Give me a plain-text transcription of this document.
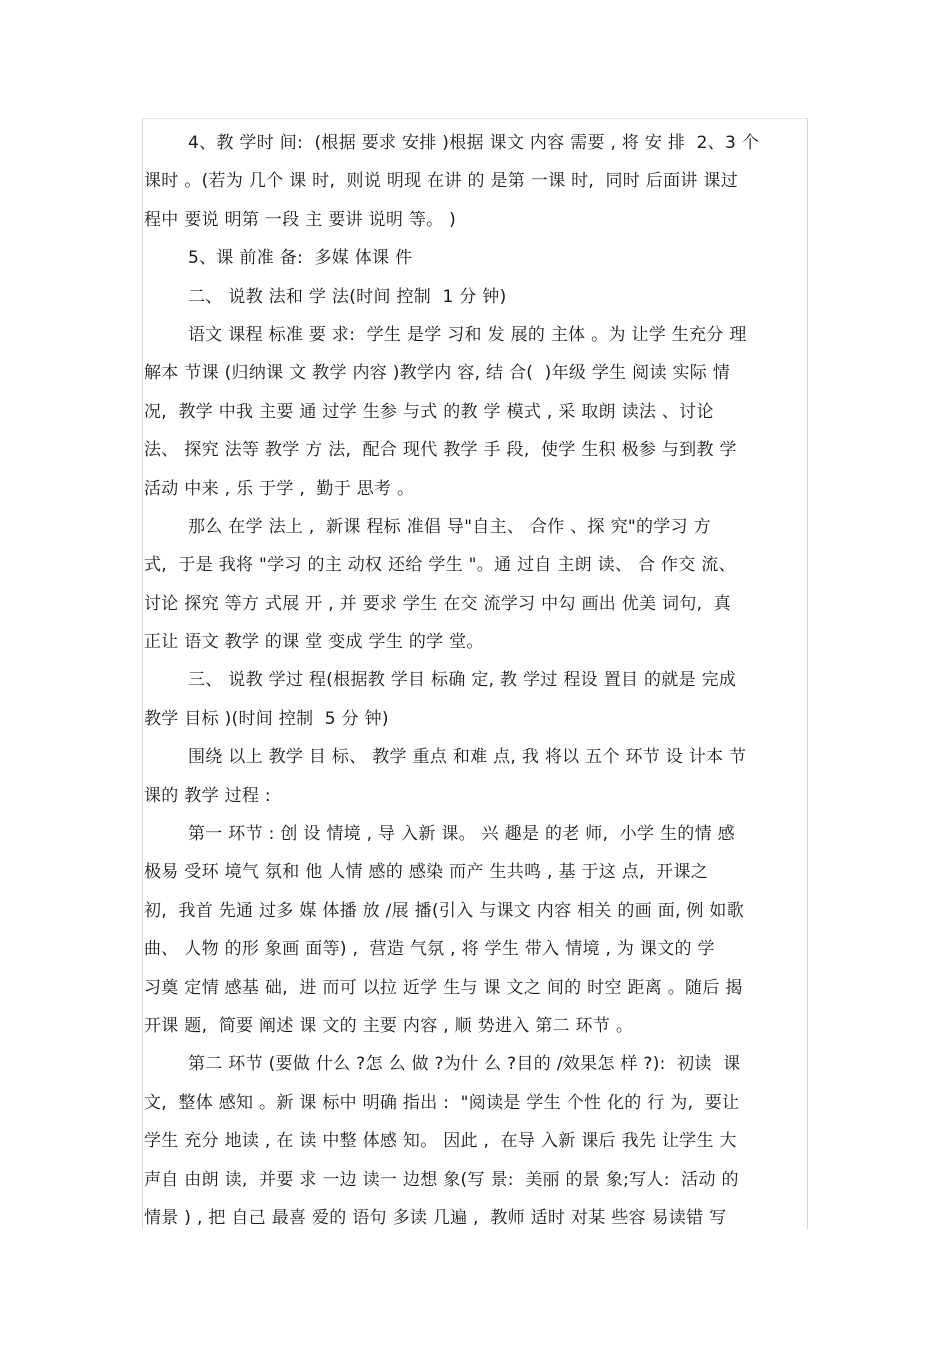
4、教 学时 间:  (根据 要求 安排 )根据 课文 内容 需要 , 将 安 排  2、3 个
课时 。(若为 几个 课 时,  则说 明现 在讲 的 是第 一课 时,  同时 后面讲 课过
程中 要说 明第 一段 主 要讲 说明 等。 )
5、课 前准 备:  多媒 体课 件
二、 说教 法和 学 法(时间 控制  1 分 钟)
语文 课程 标准 要 求:  学生 是学 习和 发 展的 主体 。为 让学 生充分 理
解本 节课 (归纳课 文 教学 内容 )教学内 容, 结 合(  )年级 学生 阅读 实际 情
况,  教学 中我 主要 通 过学 生参 与式 的教 学 模式 , 采 取朗 读法 、讨论
法、 探究 法等 教学 方 法,  配合 现代 教学 手 段,  使学 生积 极参 与到教 学
活动 中来 , 乐 于学 ,  勤于 思考 。
那么 在学 法上 ,  新课 程标 准倡 导"自主、 合作 、探 究"的学习 方
式,  于是 我将 "学习 的主 动权 还给 学生 "。通 过自 主朗 读、 合 作交 流、
讨论 探究 等方 式展 开 , 并 要求 学生 在交 流学习 中勾 画出 优美 词句,  真
正让 语文 教学 的课 堂 变成 学生 的学 堂。
三、 说教 学过 程(根据教 学目 标确 定, 教 学过 程设 置目 的就是 完成
教学 目标 )(时间 控制  5 分 钟)
围绕 以上 教学 目 标、 教学 重点 和难 点, 我 将以 五个 环节 设 计本 节
课的 教学 过程 :
第一 环节 : 创 设 情境 , 导 入新 课。 兴 趣是 的老 师,  小学 生的情 感
极易 受环 境气 氛和 他 人情 感的 感染 而产 生共鸣 , 基 于这 点,  开课之
初,  我首 先通 过多 媒 体播 放 /展 播(引入 与课文 内容 相关 的画 面, 例 如歌
曲、 人物 的形 象画 面等) ,  营造 气氛 , 将 学生 带入 情境 , 为 课文的 学
习奠 定情 感基 础,  进 而可 以拉 近学 生与 课 文之 间的 时空 距离 。随后 揭
开课 题,  简要 阐述 课 文的 主要 内容 , 顺 势进入 第二 环节 。
第二 环节 (要做 什么 ?怎 么 做 ?为什 么 ?目的 /效果怎 样 ?):  初读  课
文,  整体 感知 。新 课 标中 明确 指出 :  "阅读是 学生 个性 化的 行 为,  要让
学生 充分 地读 , 在 读 中整 体感 知。 因此 ,  在导 入新 课后 我先 让学生 大
声自 由朗 读,  并要 求 一边 读一 边想 象(写 景:  美丽 的景 象;写人:  活动 的
情景 ) , 把 自己 最喜 爱的 语句 多读 几遍 ,  教师 适时 对某 些容 易读错 写
